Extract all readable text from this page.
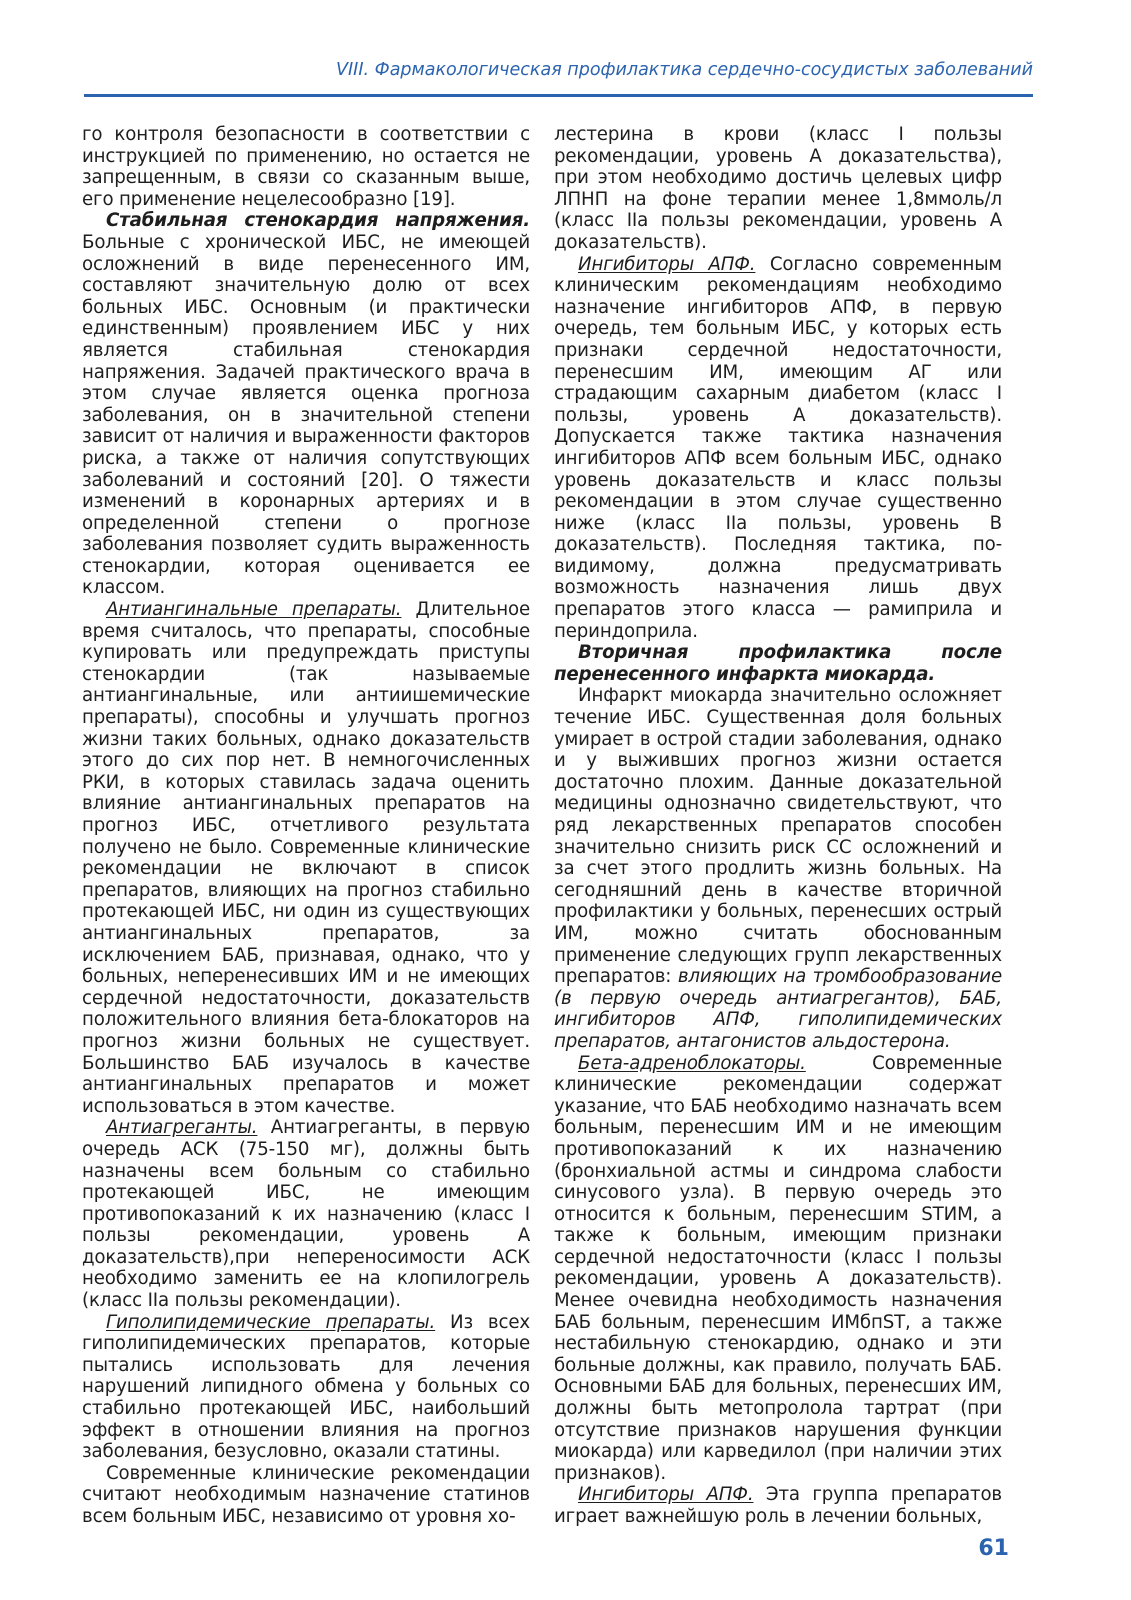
VIII. Фармакологическая профилактика сердечно-сосудистых заболеваний

го контроля безопасности в соответствии с инструкцией по применению, но остается не запрещенным, в связи со сказанным выше, его применение нецелесообразно [19].

Стабильная стенокардия напряжения. Больные с хронической ИБС, не имеющей осложнений в виде перенесенного ИМ, составляют значительную долю от всех больных ИБС. Основным (и практически единственным) проявлением ИБС у них является стабильная стенокардия напряжения. Задачей практического врача в этом случае является оценка прогноза заболевания, он в значительной степени зависит от наличия и выраженности факторов риска, а также от наличия сопутствующих заболеваний и состояний [20]. О тяжести изменений в коронарных артериях и в определенной степени о прогнозе заболевания позволяет судить выраженность стенокардии, которая оценивается ее классом.

Антиангинальные препараты. Длительное время считалось, что препараты, способные купировать или предупреждать приступы стенокардии (так называемые антиангинальные, или антиишемические препараты), способны и улучшать прогноз жизни таких больных, однако доказательств этого до сих пор нет. В немногочисленных РКИ, в которых ставилась задача оценить влияние антиангинальных препаратов на прогноз ИБС, отчетливого результата получено не было. Современные клинические рекомендации не включают в список препаратов, влияющих на прогноз стабильно протекающей ИБС, ни один из существующих антиангинальных препаратов, за исключением БАБ, признавая, однако, что у больных, неперенесивших ИМ и не имеющих сердечной недостаточности, доказательств положительного влияния бета-блокаторов на прогноз жизни больных не существует. Большинство БАБ изучалось в качестве антиангинальных препаратов и может использоваться в этом качестве.

Антиагреганты. Антиагреганты, в первую очередь АСК (75-150 мг), должны быть назначены всем больным со стабильно протекающей ИБС, не имеющим противопоказаний к их назначению (класс I пользы рекомендации, уровень А доказательств),при непереносимости АСК необходимо заменить ее на клопилогрель (класс IIa пользы рекомендации).

Гиполипидемические препараты. Из всех гиполипидемических препаратов, которые пытались использовать для лечения нарушений липидного обмена у больных со стабильно протекающей ИБС, наибольший эффект в отношении влияния на прогноз заболевания, безусловно, оказали статины.

Современные клинические рекомендации считают необходимым назначение статинов всем больным ИБС, независимо от уровня хо-

лестерина в крови (класс I пользы рекомендации, уровень А доказательства), при этом необходимо достичь целевых цифр ЛПНП на фоне терапии менее 1,8ммоль/л (класс IIa пользы рекомендации, уровень А доказательств).

Ингибиторы АПФ. Согласно современным клиническим рекомендациям необходимо назначение ингибиторов АПФ, в первую очередь, тем больным ИБС, у которых есть признаки сердечной недостаточности, перенесшим ИМ, имеющим АГ или страдающим сахарным диабетом (класс I пользы, уровень А доказательств). Допускается также тактика назначения ингибиторов АПФ всем больным ИБС, однако уровень доказательств и класс пользы рекомендации в этом случае существенно ниже (класс IIa пользы, уровень В доказательств). Последняя тактика, по-видимому, должна предусматривать возможность назначения лишь двух препаратов этого класса — рамиприла и периндоприла.

Вторичная профилактика после перенесенного инфаркта миокарда.

Инфаркт миокарда значительно осложняет течение ИБС. Существенная доля больных умирает в острой стадии заболевания, однако и у выживших прогноз жизни остается достаточно плохим. Данные доказательной медицины однозначно свидетельствуют, что ряд лекарственных препаратов способен значительно снизить риск СС осложнений и за счет этого продлить жизнь больных. На сегодняшний день в качестве вторичной профилактики у больных, перенесших острый ИМ, можно считать обоснованным применение следующих групп лекарственных препаратов: влияющих на тромбообразование (в первую очередь антиагрегантов), БАБ, ингибиторов АПФ, гиполипидемических препаратов, антагонистов альдостерона.

Бета-адреноблокаторы. Современные клинические рекомендации содержат указание, что БАБ необходимо назначать всем больным, перенесшим ИМ и не имеющим противопоказаний к их назначению (бронхиальной астмы и синдрома слабости синусового узла). В первую очередь это относится к больным, перенесшим STИМ, а также к больным, имеющим признаки сердечной недостаточности (класс I пользы рекомендации, уровень А доказательств). Менее очевидна необходимость назначения БАБ больным, перенесшим ИМбпST, а также нестабильную стенокардию, однако и эти больные должны, как правило, получать БАБ. Основными БАБ для больных, перенесших ИМ, должны быть метопролола тартрат (при отсутствие признаков нарушения функции миокарда) или карведилол (при наличии этих признаков).

Ингибиторы АПФ. Эта группа препаратов играет важнейшую роль в лечении больных,

61
